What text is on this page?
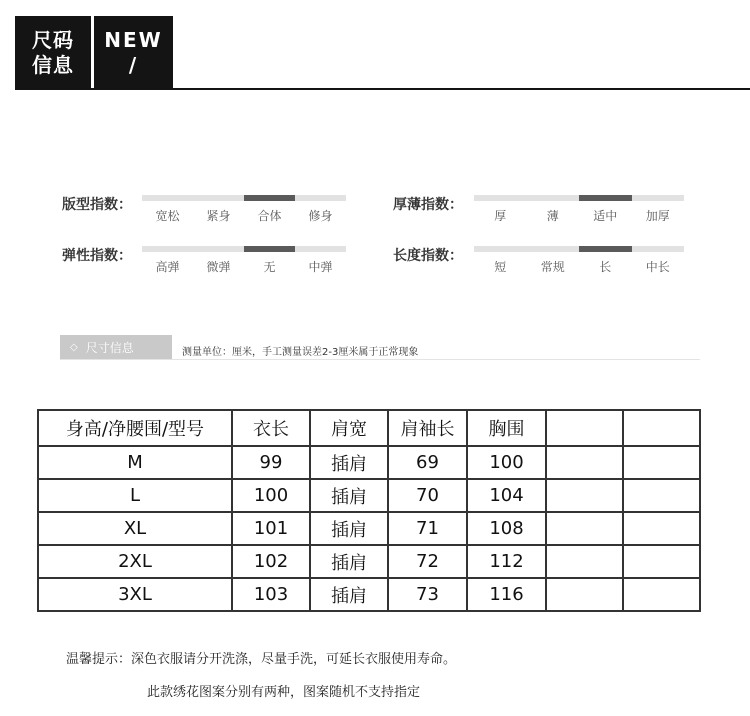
尺码
信息
NEW
/
版型指数：
宽松	紧身	合体	修身
厚薄指数：
厚	薄	适中	加厚
弹性指数：
高弹	微弹	无	中弹
长度指数：
短	常规	长	中长
◇ 尺寸信息	测量单位：厘米，手工测量误差2-3厘米属于正常现象
身高/净腰围/型号	衣长	肩宽	肩袖长	胸围		
M	99	插肩	69	100		
L	100	插肩	70	104		
XL	101	插肩	71	108		
2XL	102	插肩	72	112		
3XL	103	插肩	73	116		
温馨提示：深色衣服请分开洗涤，尽量手洗，可延长衣服使用寿命。
此款绣花图案分别有两种，图案随机不支持指定
